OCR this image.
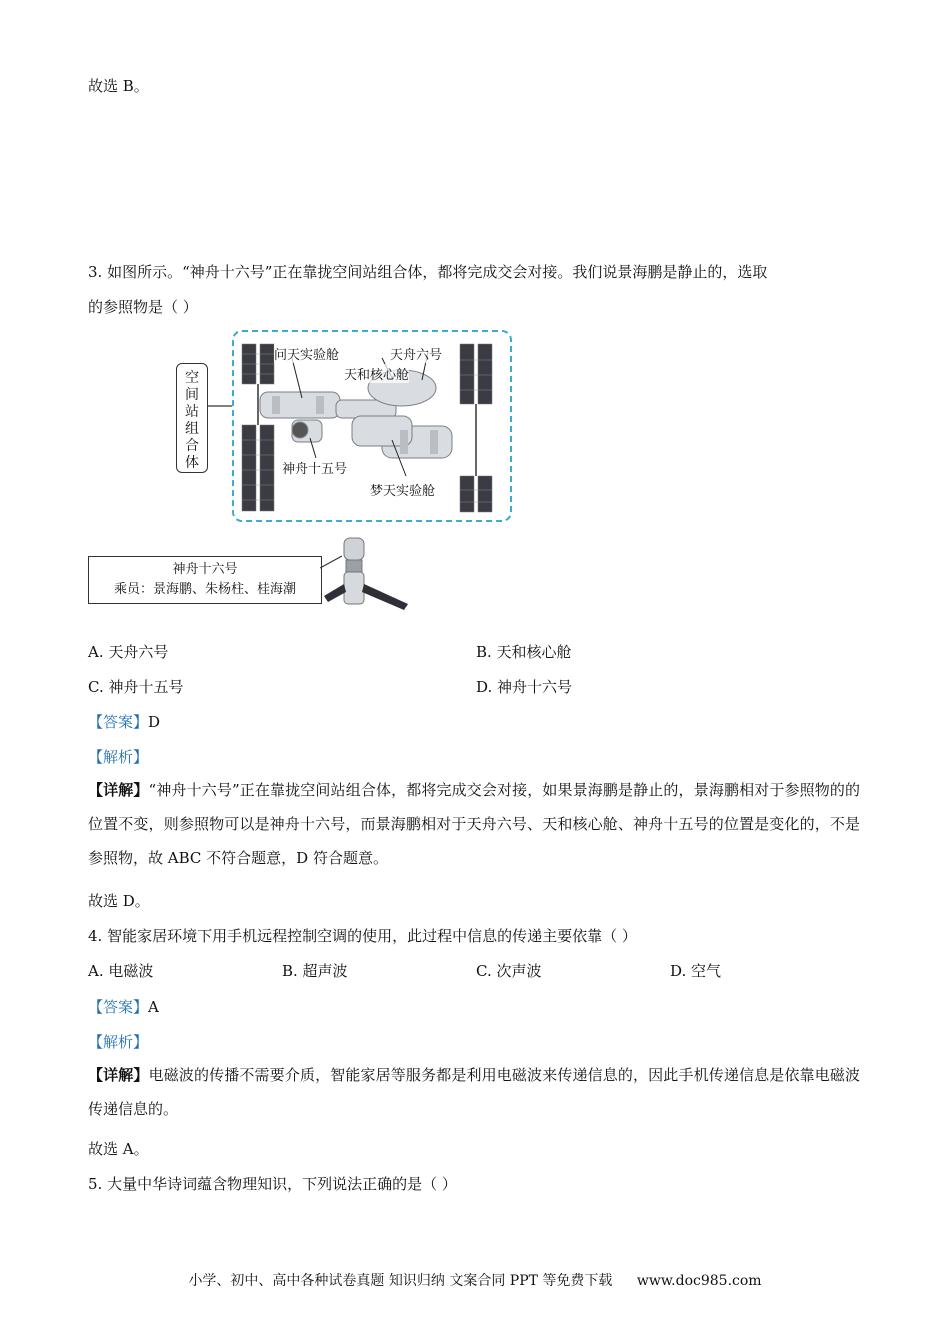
故选 B。
3. 如图所示。“神舟十六号”正在靠拢空间站组合体，都将完成交会对接。我们说景海鹏是静止的，选取
的参照物是（ ）
空
间
站
组
合
体
问天实验舱	天舟六号
天和核心舱
神舟十五号
梦天实验舱
神舟十六号
乘员：景海鹏、朱杨柱、桂海潮
A. 天舟六号	B. 天和核心舱
C. 神舟十五号	D. 神舟十六号
【答案】D
【解析】
【详解】“神舟十六号”正在靠拢空间站组合体，都将完成交会对接，如果景海鹏是静止的，景海鹏相对于参照物的的位置不变，则参照物可以是神舟十六号，而景海鹏相对于天舟六号、天和核心舱、神舟十五号的位置是变化的，不是参照物，故 ABC 不符合题意，D 符合题意。
故选 D。
4. 智能家居环境下用手机远程控制空调的使用，此过程中信息的传递主要依靠（ ）
A. 电磁波	B. 超声波	C. 次声波	D. 空气
【答案】A
【解析】
【详解】电磁波的传播不需要介质，智能家居等服务都是利用电磁波来传递信息的，因此手机传递信息是依靠电磁波传递信息的。
故选 A。
5. 大量中华诗词蕴含物理知识，下列说法正确的是（ ）
小学、初中、高中各种试卷真题 知识归纳 文案合同 PPT 等免费下载 www.doc985.com
